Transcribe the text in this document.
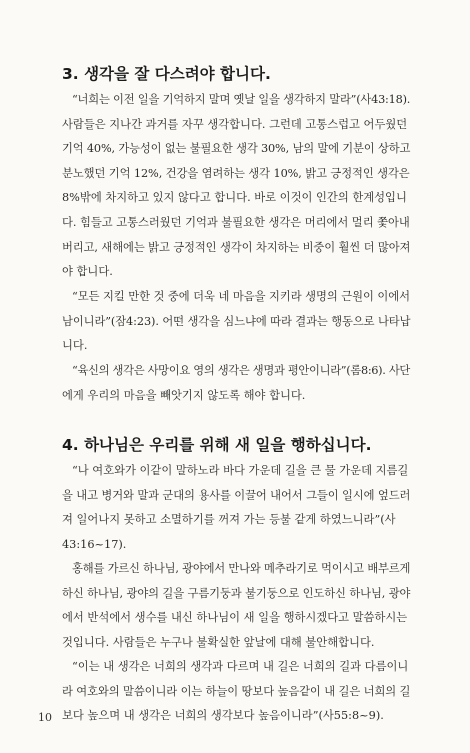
3. 생각을 잘 다스려야 합니다.
“너희는 이전 일을 기억하지 말며 옛날 일을 생각하지 말라”(사43:18).
사람들은 지나간 과거를 자꾸 생각합니다. 그런데 고통스럽고 어두웠던
기억 40%, 가능성이 없는 불필요한 생각 30%, 남의 말에 기분이 상하고
분노했던 기억 12%, 건강을 염려하는 생각 10%, 밝고 긍정적인 생각은
8%밖에 차지하고 있지 않다고 합니다. 바로 이것이 인간의 한계성입니
다. 힘들고 고통스러웠던 기억과 불필요한 생각은 머리에서 멀리 쫓아내
버리고, 새해에는 밝고 긍정적인 생각이 차지하는 비중이 훨씬 더 많아져
야 합니다.
“모든 지킬 만한 것 중에 더욱 네 마음을 지키라 생명의 근원이 이에서
남이니라”(잠4:23). 어떤 생각을 심느냐에 따라 결과는 행동으로 나타납
니다.
“육신의 생각은 사망이요 영의 생각은 생명과 평안이니라”(롬8:6). 사단
에게 우리의 마음을 빼앗기지 않도록 해야 합니다.
4. 하나님은 우리를 위해 새 일을 행하십니다.
“나 여호와가 이같이 말하노라 바다 가운데 길을 큰 물 가운데 지름길
을 내고 병거와 말과 군대의 용사를 이끌어 내어서 그들이 일시에 엎드러
져 일어나지 못하고 소멸하기를 꺼져 가는 등불 같게 하였느니라”(사
43:16~17).
홍해를 가르신 하나님, 광야에서 만나와 메추라기로 먹이시고 배부르게
하신 하나님, 광야의 길을 구름기둥과 불기둥으로 인도하신 하나님, 광야
에서 반석에서 생수를 내신 하나님이 새 일을 행하시겠다고 말씀하시는
것입니다. 사람들은 누구나 불확실한 앞날에 대해 불안해합니다.
“이는 내 생각은 너희의 생각과 다르며 내 길은 너희의 길과 다름이니
라 여호와의 말씀이니라 이는 하늘이 땅보다 높음같이 내 길은 너희의 길
보다 높으며 내 생각은 너희의 생각보다 높음이니라”(사55:8~9).
10
